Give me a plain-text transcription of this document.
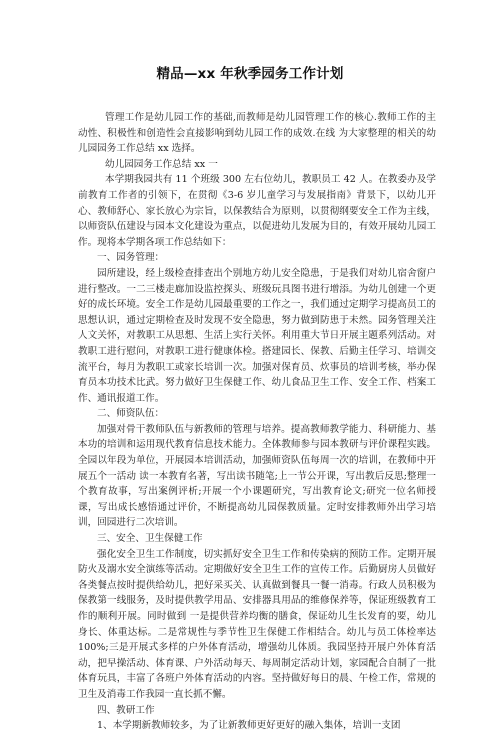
精品—xx 年秋季园务工作计划

管理工作是幼儿园工作的基础,而教师是幼儿园管理工作的核心.教师工作的主动性、积极性和创造性会直接影响到幼儿园工作的成效.在线 为大家整理的相关的幼儿园园务工作总结 xx 选择。

幼儿园园务工作总结 xx 一

本学期我园共有 11 个班级 300 左右位幼儿，教职员工 42 人。在教委办及学前教育工作者的引领下，在贯彻《3-6 岁儿童学习与发展指南》背景下，以幼儿开心、教师舒心、家长放心为宗旨，以保教结合为原则，以贯彻纲要安全工作为主线，以师资队伍建设与园本文化建设为重点，以促进幼儿发展为目的，有效开展幼儿园工作。现将本学期各项工作总结如下：

一、园务管理：

园所建设，经上级检查排查出个别地方幼儿安全隐患，于是我们对幼儿宿舍窗户进行整改。一二三楼走廊加设监控探头、班级玩具图书进行增添。为幼儿创建一个更好的成长环境。安全工作是幼儿园最重要的工作之一，我们通过定期学习提高员工的思想认识，通过定期检查及时发现不安全隐患，努力做到防患于未然。园务管理关注人文关怀，对教职工从思想、生活上实行关怀。利用重大节日开展主题系列活动。对教职工进行慰问，对教职工进行健康体检。搭建园长、保教、后勤主任学习、培训交流平台，每月为教职工或家长培训一次。加强对保育员、炊事员的培训考核，举办保育员本功技术比武。努力做好卫生保健工作、幼儿食品卫生工作、安全工作、档案工作、通讯报道工作。

二、师资队伍：

加强对骨干教师队伍与新教师的管理与培养。提高教师教学能力、科研能力、基本功的培训和运用现代教育信息技术能力。全体教师参与园本教研与评价课程实践。全园以年段为单位，开展园本培训活动，加强师资队伍每周一次的培训，在教师中开展五个一活动 读一本教育名著，写出读书随笔;上一节公开课，写出教后反思;整理一个教育故事，写出案例评析;开展一个小课题研究，写出教育论文;研究一位名师授课，写出成长感悟通过评价，不断提高幼儿园保教质量。定时安排教师外出学习培训，回园进行二次培训。

三、安全、卫生保健工作

强化安全卫生工作制度，切实抓好安全卫生工作和传染病的预防工作。定期开展防火及溺水安全演练等活动。定期做好安全卫生工作的宣传工作。后勤厨房人员做好各类餐点按时提供给幼儿，把好采买关、认真做到餐具一餐一消毒。行政人员积极为保教第一线服务，及时提供教学用品、安排器具用品的维修保养等，保证班级教育工作的顺利开展。同时做到 一是提供营养均衡的膳食，保证幼儿生长发育的要，幼儿身长、体重达标。二是常规性与季节性卫生保健工作相结合。幼儿与员工体检率达 100%;三是开展式多样的户外体育活动，增强幼儿体质。我园坚持开展户外体育活动，把早操活动、体育课、户外活动每天、每周制定活动计划，家园配合自制了一批体育玩具，丰富了各班户外体育活动的内容。坚持做好每日的晨、午检工作，常规的卫生及消毒工作我园一直长抓不懈。

四、教研工作

1、本学期新教师较多，为了让新教师更好更好的融入集体，培训一支团
